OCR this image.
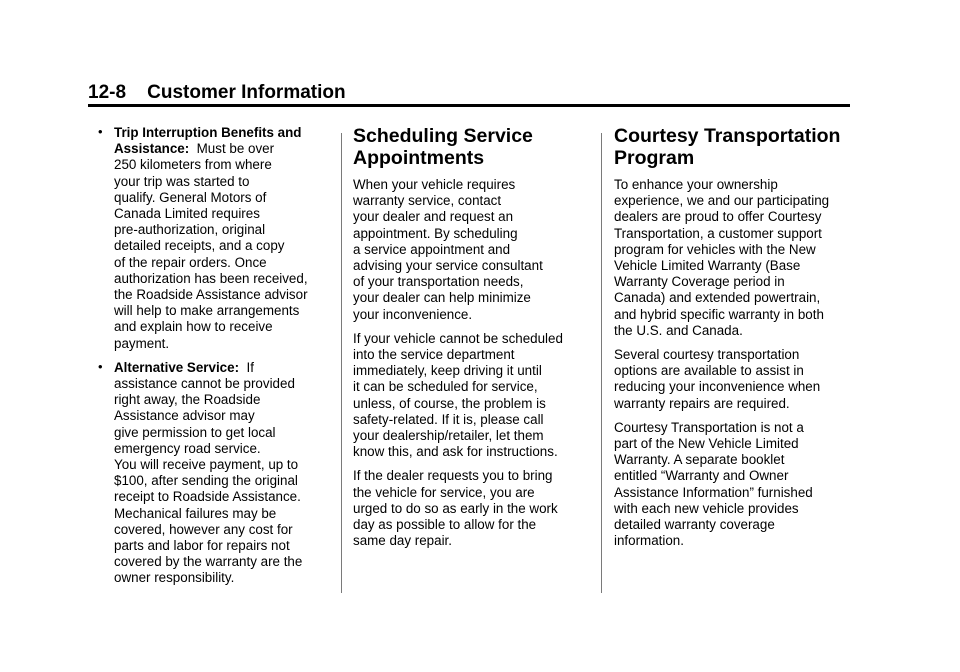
12-8 Customer Information
• Trip Interruption Benefits and
Assistance: Must be over
250 kilometers from where
your trip was started to
qualify. General Motors of
Canada Limited requires
pre-authorization, original
detailed receipts, and a copy
of the repair orders. Once
authorization has been received,
the Roadside Assistance advisor
will help to make arrangements
and explain how to receive
payment.
• Alternative Service: If
assistance cannot be provided
right away, the Roadside
Assistance advisor may
give permission to get local
emergency road service.
You will receive payment, up to
$100, after sending the original
receipt to Roadside Assistance.
Mechanical failures may be
covered, however any cost for
parts and labor for repairs not
covered by the warranty are the
owner responsibility.
Scheduling Service
Appointments

When your vehicle requires
warranty service, contact
your dealer and request an
appointment. By scheduling
a service appointment and
advising your service consultant
of your transportation needs,
your dealer can help minimize
your inconvenience.

If your vehicle cannot be scheduled
into the service department
immediately, keep driving it until
it can be scheduled for service,
unless, of course, the problem is
safety-related. If it is, please call
your dealership/retailer, let them
know this, and ask for instructions.

If the dealer requests you to bring
the vehicle for service, you are
urged to do so as early in the work
day as possible to allow for the
same day repair.

Courtesy Transportation
Program

To enhance your ownership
experience, we and our participating
dealers are proud to offer Courtesy
Transportation, a customer support
program for vehicles with the New
Vehicle Limited Warranty (Base
Warranty Coverage period in
Canada) and extended powertrain,
and hybrid specific warranty in both
the U.S. and Canada.

Several courtesy transportation
options are available to assist in
reducing your inconvenience when
warranty repairs are required.

Courtesy Transportation is not a
part of the New Vehicle Limited
Warranty. A separate booklet
entitled “Warranty and Owner
Assistance Information” furnished
with each new vehicle provides
detailed warranty coverage
information.
